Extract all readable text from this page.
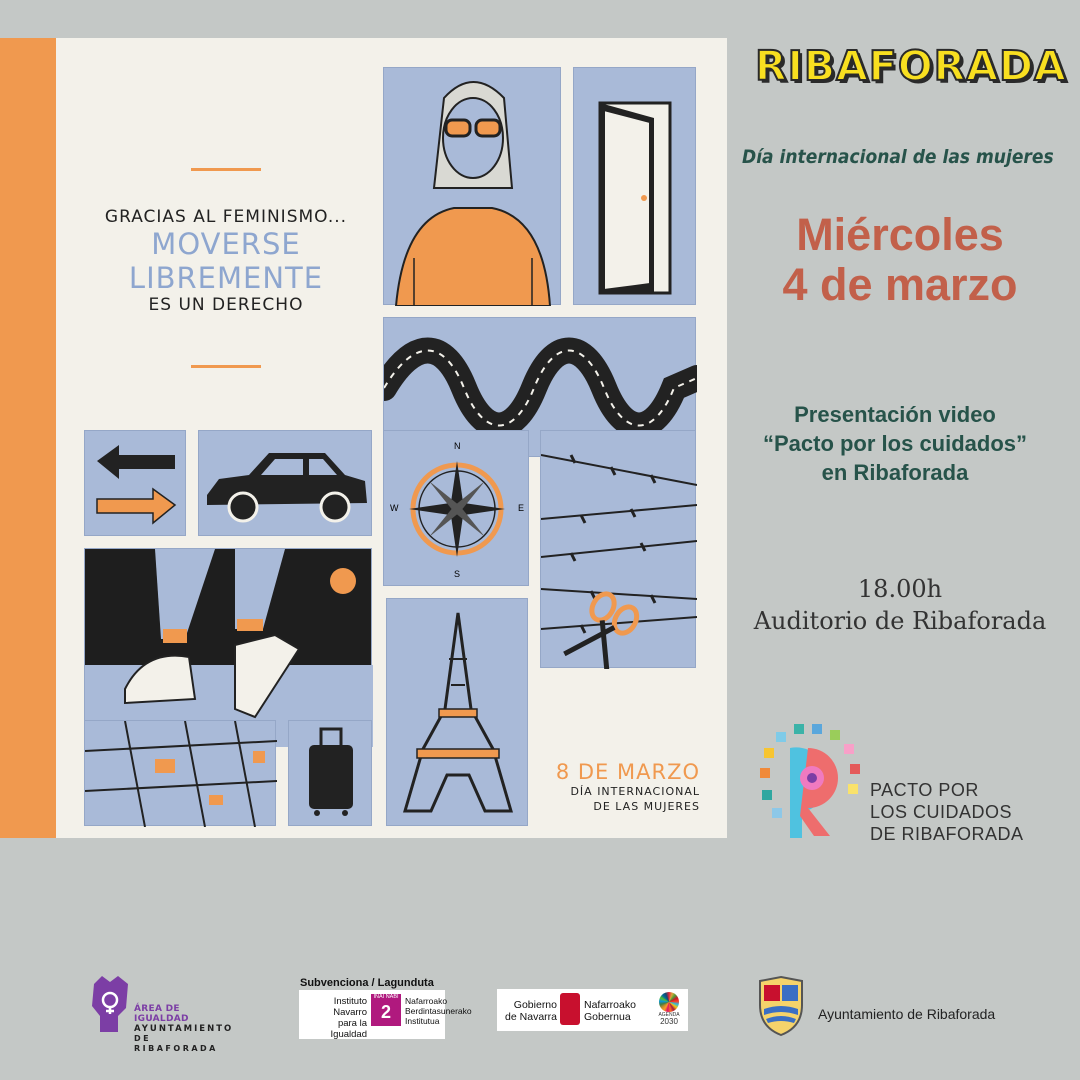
GRACIAS AL FEMINISMO...
MOVERSE
LIBREMENTE
ES UN DERECHO
N
S
E
W
8 DE MARZO
DÍA INTERNACIONAL
DE LAS MUJERES
RIBAFORADA
Día internacional de las mujeres
Miércoles
4 de marzo
Presentación video
“Pacto por los cuidados”
en Ribaforada
18.00h
Auditorio de Ribaforada
PACTO POR
LOS CUIDADOS
DE RIBAFORADA
ÁREA DE IGUALDAD
AYUNTAMIENTO
DE RIBAFORADA
Subvenciona / Lagunduta
Instituto
Navarro
para la Igualdad
INAI NABI
2
Nafarroako
Berdintasunerako
Institutua
Gobierno
de Navarra
Nafarroako
Gobernua	AGENDA
2030	Ayuntamiento de Ribaforada
